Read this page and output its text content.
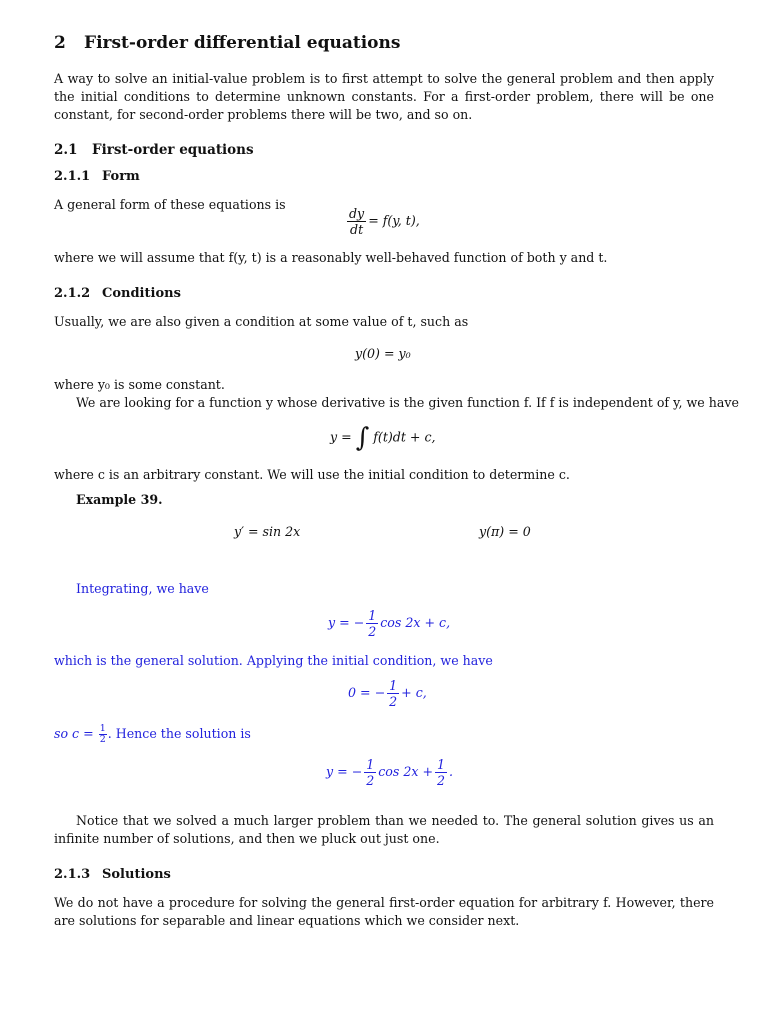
2 First-order differential equations
A way to solve an initial-value problem is to first attempt to solve the general problem and then apply the initial conditions to determine unknown constants. For a first-order problem, there will be one constant, for second-order problems there will be two, and so on.
2.1 First-order equations
2.1.1 Form
A general form of these equations is
$\frac{dy}{dt} = f(y$, t),
where we will assume that f(y, t) is a reasonably well-behaved function of both y and t.
2.1.2 Conditions
Usually, we are also given a condition at some value of t, such as
y(0) = y₀
where y₀ is some constant.
We are looking for a function y whose derivative is the given function f. If f is independent of y, we have
y = ∫ f(t)dt + c,
where c is an arbitrary constant. We will use the initial condition to determine c.
Example 39.
y′ = sin 2x	y(π) = 0
Integrating, we have
y = − $\frac{1}{2}$ cos 2x + c,
which is the general solution. Applying the initial condition, we have
0 = − $\frac{1}{2} + c$,
so $c = \frac{1}{2}$ . Hence the solution is
y = − $\frac{1}{2}$ $\cos 2x + \frac{1}{2}$ .
Notice that we solved a much larger problem than we needed to. The general solution gives us an infinite number of solutions, and then we pluck out just one.
2.1.3 Solutions
We do not have a procedure for solving the general first-order equation for arbitrary f. However, there are solutions for separable and linear equations which we consider next.
